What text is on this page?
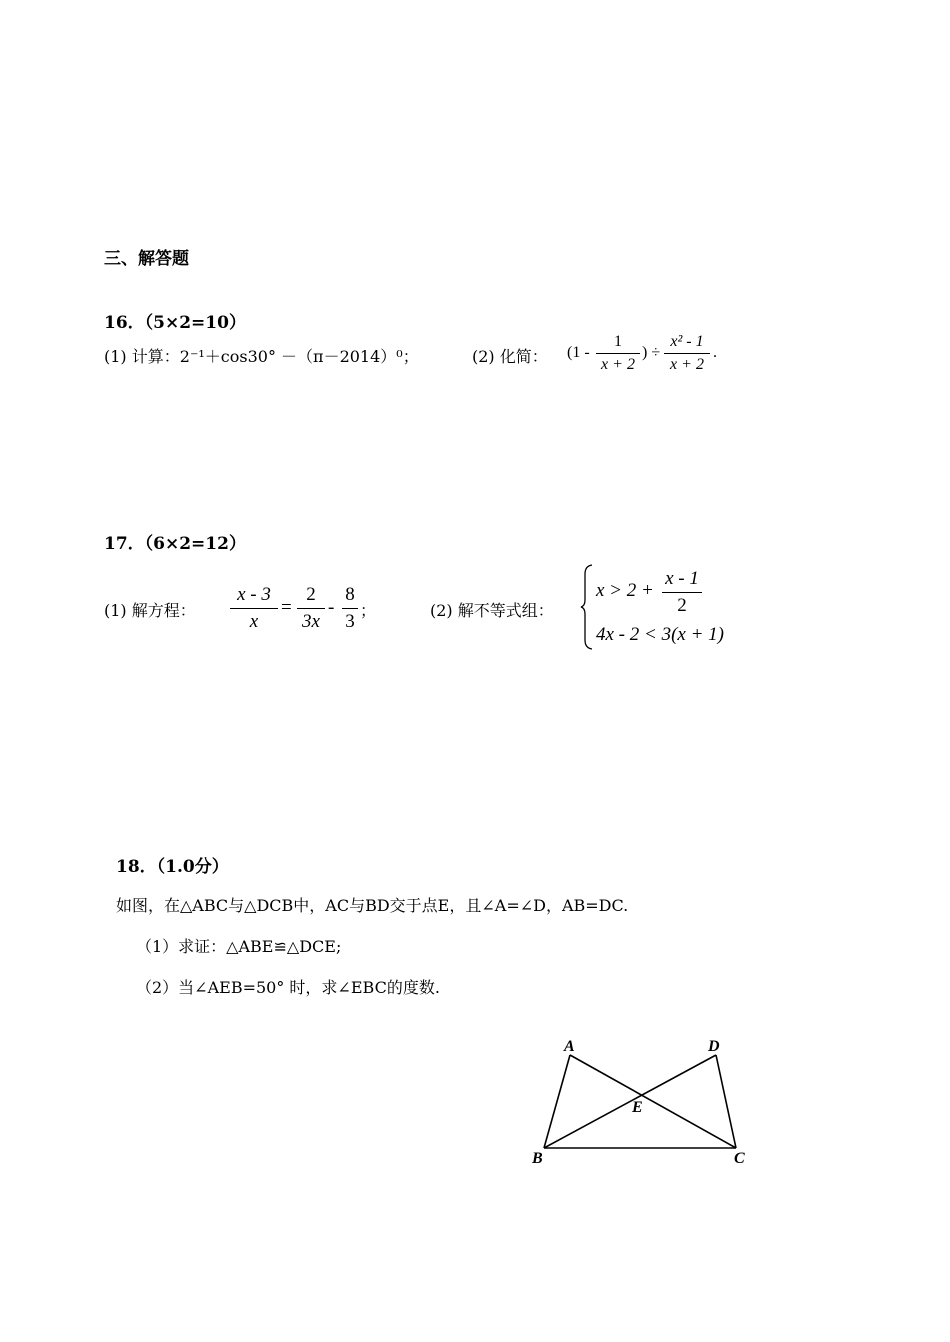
三、解答题
16．（5×2=10）
(1) 计算：2⁻¹＋cos30° －（π－2014）⁰；	(2) 化简： (1 -
1
x + 2
) ÷
x² - 1
x + 2
.
17．（6×2=12）
(1) 解方程：
x - 3
x
=
2
3x
-
8
3
；	(2) 解不等式组：
x > 2 +
x - 1
2
4x - 2 < 3(x + 1)
18．（1.0分）
如图，在△ABC与△DCB中，AC与BD交于点E，且∠A=∠D，AB=DC.
（1）求证：△ABE≌△DCE;
（2）当∠AEB=50° 时，求∠EBC的度数.
A	D
E
B	C
